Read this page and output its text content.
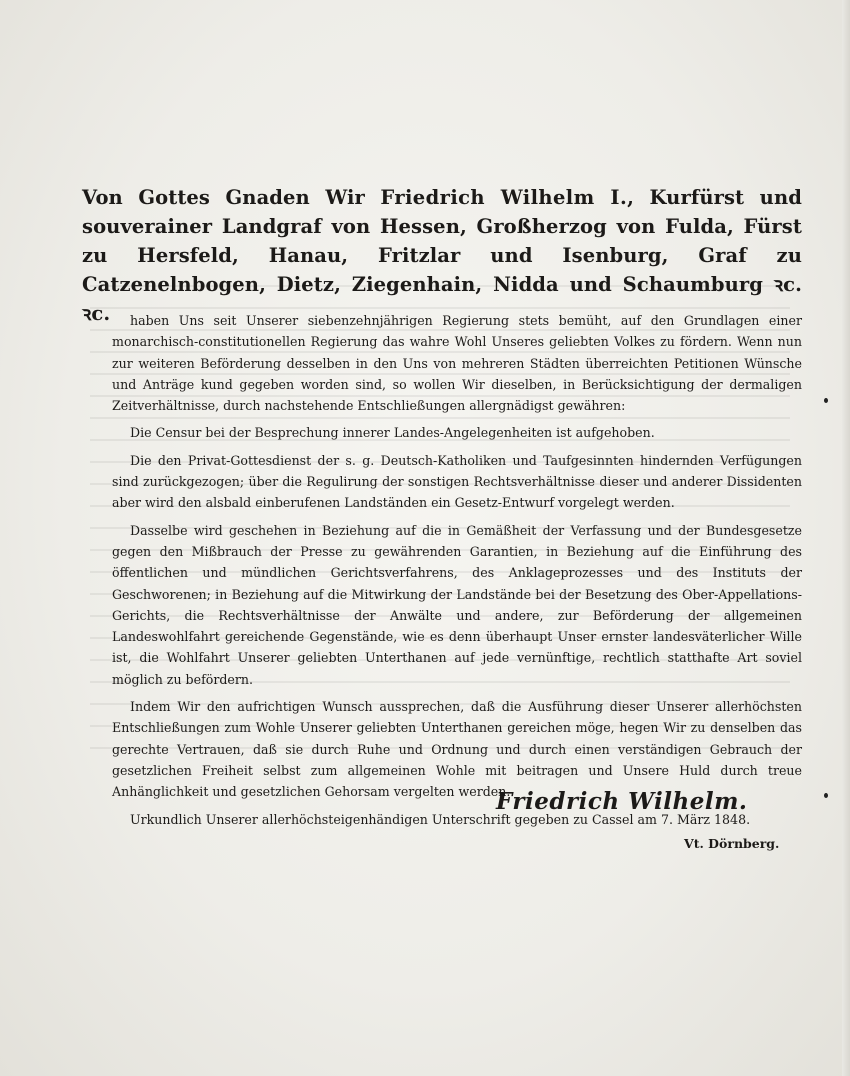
Von Gottes Gnaden Wir Friedrich Wilhelm I., Kurfürst und souverainer Landgraf von Hessen, Großherzog von Fulda, Fürst zu Hersfeld, Hanau, Fritzlar und Isenburg, Graf zu Catzenelnbogen, Dietz, Ziegenhain, Nidda und Schaumburg ꝛc. ꝛc.	haben Uns seit Unserer siebenzehnjährigen Regierung stets bemüht, auf den Grundlagen einer monarchisch-constitutionellen Regierung das wahre Wohl Unseres geliebten Volkes zu fördern. Wenn nun zur weiteren Beförderung desselben in den Uns von mehreren Städten überreichten Petitionen Wünsche und Anträge kund gegeben worden sind, so wollen Wir dieselben, in Berücksichtigung der dermaligen Zeitverhältnisse, durch nachstehende Entschließungen allergnädigst gewähren:

Die Censur bei der Besprechung innerer Landes-Angelegenheiten ist aufgehoben.

Die den Privat-Gottesdienst der s. g. Deutsch-Katholiken und Taufgesinnten hindernden Verfügungen sind zurückgezogen; über die Regulirung der sonstigen Rechtsverhältnisse dieser und anderer Dissidenten aber wird den alsbald einberufenen Landständen ein Gesetz-Entwurf vorgelegt werden.

Dasselbe wird geschehen in Beziehung auf die in Gemäßheit der Verfassung und der Bundesgesetze gegen den Mißbrauch der Presse zu gewährenden Garantien, in Beziehung auf die Einführung des öffentlichen und mündlichen Gerichtsverfahrens, des Anklageprozesses und des Instituts der Geschworenen; in Beziehung auf die Mitwirkung der Landstände bei der Besetzung des Ober-Appellations-Gerichts, die Rechtsverhältnisse der Anwälte und andere, zur Beförderung der allgemeinen Landeswohlfahrt gereichende Gegenstände, wie es denn überhaupt Unser ernster landesväterlicher Wille ist, die Wohlfahrt Unserer geliebten Unterthanen auf jede vernünftige, rechtlich statthafte Art soviel möglich zu befördern.

Indem Wir den aufrichtigen Wunsch aussprechen, daß die Ausführung dieser Unserer allerhöchsten Entschließungen zum Wohle Unserer geliebten Unterthanen gereichen möge, hegen Wir zu denselben das gerechte Vertrauen, daß sie durch Ruhe und Ordnung und durch einen verständigen Gebrauch der gesetzlichen Freiheit selbst zum allgemeinen Wohle mit beitragen und Unsere Huld durch treue Anhänglichkeit und gesetzlichen Gehorsam vergelten werden.

Urkundlich Unserer allerhöchsteigenhändigen Unterschrift gegeben zu Cassel am 7. März 1848.

Friedrich Wilhelm.
Vt. Dörnberg.
